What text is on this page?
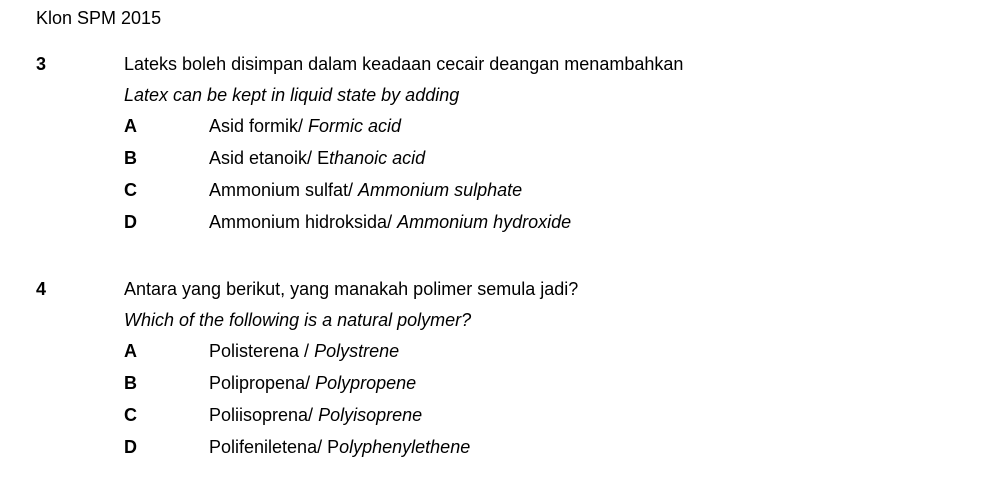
Klon SPM 2015
3	Lateks boleh disimpan dalam keadaan cecair deangan menambahkan
Latex can be kept in liquid state by adding
A	Asid formik/ Formic acid
B	Asid etanoik/ Ethanoic acid
C	Ammonium sulfat/ Ammonium sulphate
D	Ammonium hidroksida/ Ammonium hydroxide
4	Antara yang berikut, yang manakah polimer semula jadi?
Which of the following is a natural polymer?
A	Polisterena / Polystrene
B	Polipropena/ Polypropene
C	Poliisoprena/ Polyisoprene
D	Polifeniletena/ Polyphenylethene
